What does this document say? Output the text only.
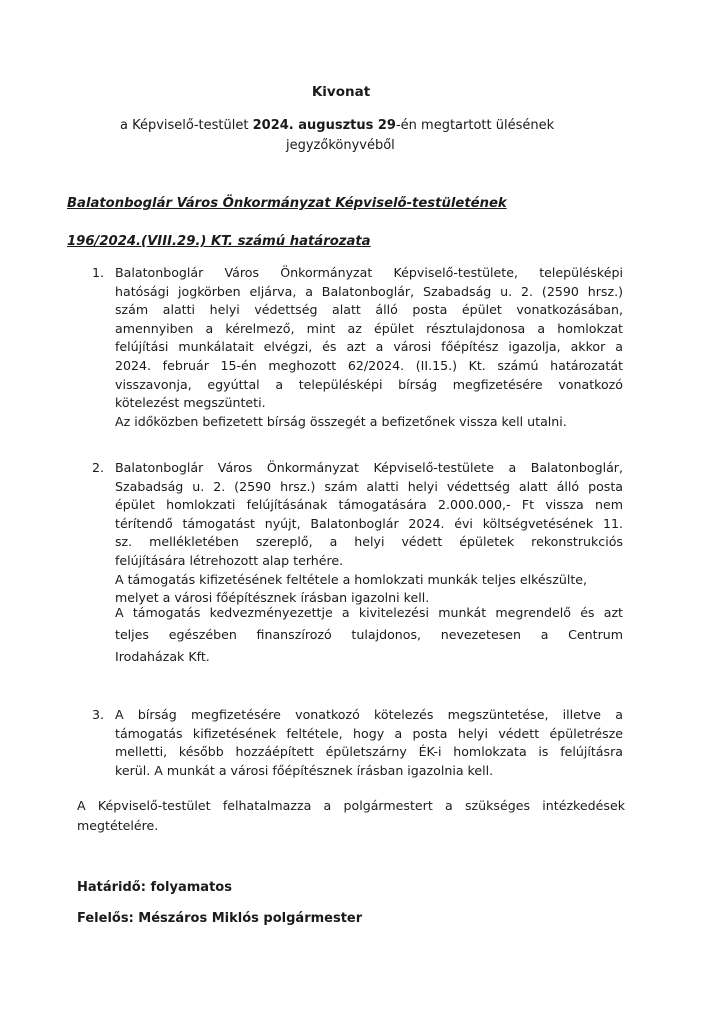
Kivonat
a Képviselő-testület 2024. augusztus 29-én megtartott ülésének
jegyzőkönyvéből
Balatonboglár Város Önkormányzat Képviselő-testületének
196/2024.(VIII.29.) KT. számú határozata
1. Balatonboglár Város Önkormányzat Képviselő-testülete, településképi
hatósági jogkörben eljárva, a Balatonboglár, Szabadság u. 2. (2590 hrsz.)
szám alatti helyi védettség alatt álló posta épület vonatkozásában,
amennyiben a kérelmező, mint az épület résztulajdonosa a homlokzat
felújítási munkálatait elvégzi, és azt a városi főépítész igazolja, akkor a
2024. február 15-én meghozott 62/2024. (II.15.) Kt. számú határozatát
visszavonja, egyúttal a településképi bírság megfizetésére vonatkozó
kötelezést megszünteti.
Az időközben befizetett bírság összegét a befizetőnek vissza kell utalni.
2. Balatonboglár Város Önkormányzat Képviselő-testülete a Balatonboglár,
Szabadság u. 2. (2590 hrsz.) szám alatti helyi védettség alatt álló posta
épület homlokzati felújításának támogatására 2.000.000,- Ft vissza nem
térítendő támogatást nyújt, Balatonboglár 2024. évi költségvetésének 11.
sz. mellékletében szereplő, a helyi védett épületek rekonstrukciós
felújítására létrehozott alap terhére.
A támogatás kifizetésének feltétele a homlokzati munkák teljes elkészülte,
melyet a városi főépítésznek írásban igazolni kell.
A támogatás kedvezményezettje a kivitelezési munkát megrendelő és azt
teljes egészében finanszírozó tulajdonos, nevezetesen a Centrum
Irodaházak Kft.
3. A bírság megfizetésére vonatkozó kötelezés megszüntetése, illetve a
támogatás kifizetésének feltétele, hogy a posta helyi védett épületrésze
melletti, később hozzáépített épületszárny ÉK-i homlokzata is felújításra
kerül. A munkát a városi főépítésznek írásban igazolnia kell.
A Képviselő-testület felhatalmazza a polgármestert a szükséges intézkedések
megtételére.
Határidő: folyamatos
Felelős: Mészáros Miklós polgármester
